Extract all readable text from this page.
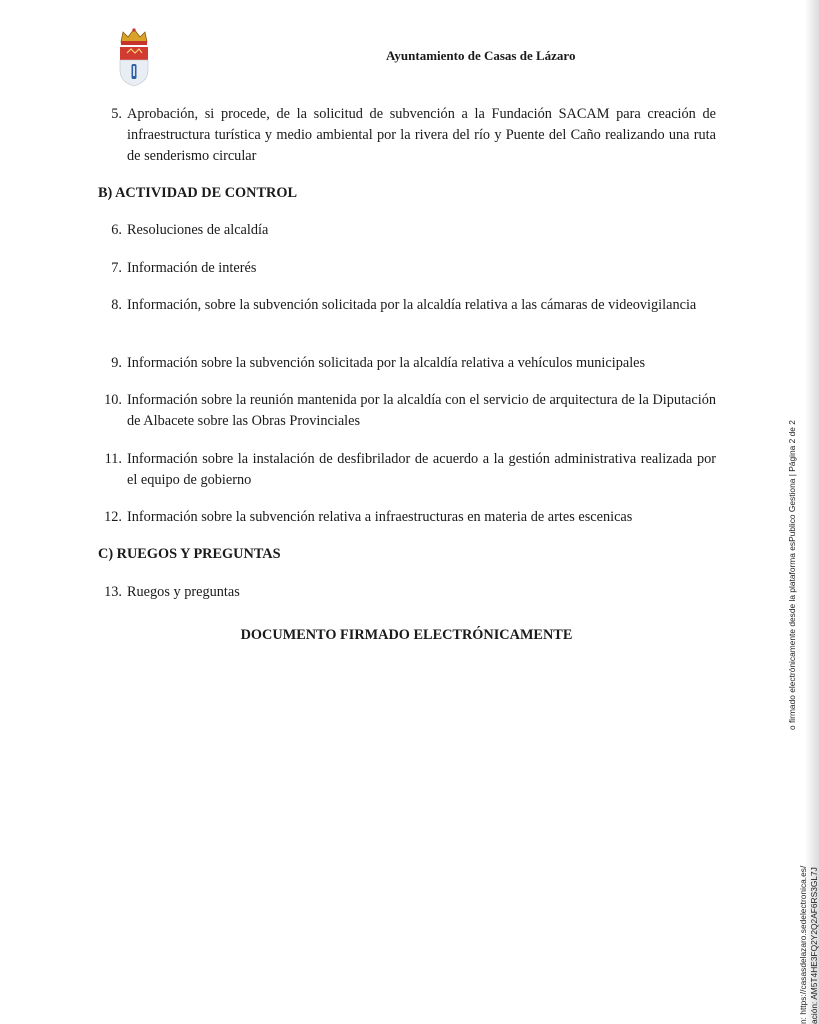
Ayuntamiento de Casas de Lázaro
5. Aprobación, si procede, de la solicitud de subvención a la Fundación SACAM para creación de infraestructura turística y medio ambiental por la rivera del río y Puente del Caño realizando una ruta de senderismo circular
B) ACTIVIDAD DE CONTROL
6. Resoluciones de alcaldía
7. Información de interés
8. Información, sobre la subvención solicitada por la alcaldía relativa a las cámaras de videovigilancia
9. Información sobre la subvención solicitada por la alcaldía relativa a vehículos municipales
10. Información sobre la reunión mantenida por la alcaldía con el servicio de arquitectura de la Diputación de Albacete sobre las Obras Provinciales
11. Información sobre la instalación de desfibrilador de acuerdo a la gestión administrativa realizada por el equipo de gobierno
12. Información sobre la subvención relativa a infraestructuras en materia de artes escenicas
C) RUEGOS Y PREGUNTAS
13. Ruegos y preguntas
DOCUMENTO FIRMADO ELECTRÓNICAMENTE	o firmado electrónicamente desde la plataforma esPublico Gestiona | Página 2 de 2
n: https://casasdelazaro.sedelectronica.es/ ación: AM5T4HE3FQ2Y2Q2AF6RS3GL7J
